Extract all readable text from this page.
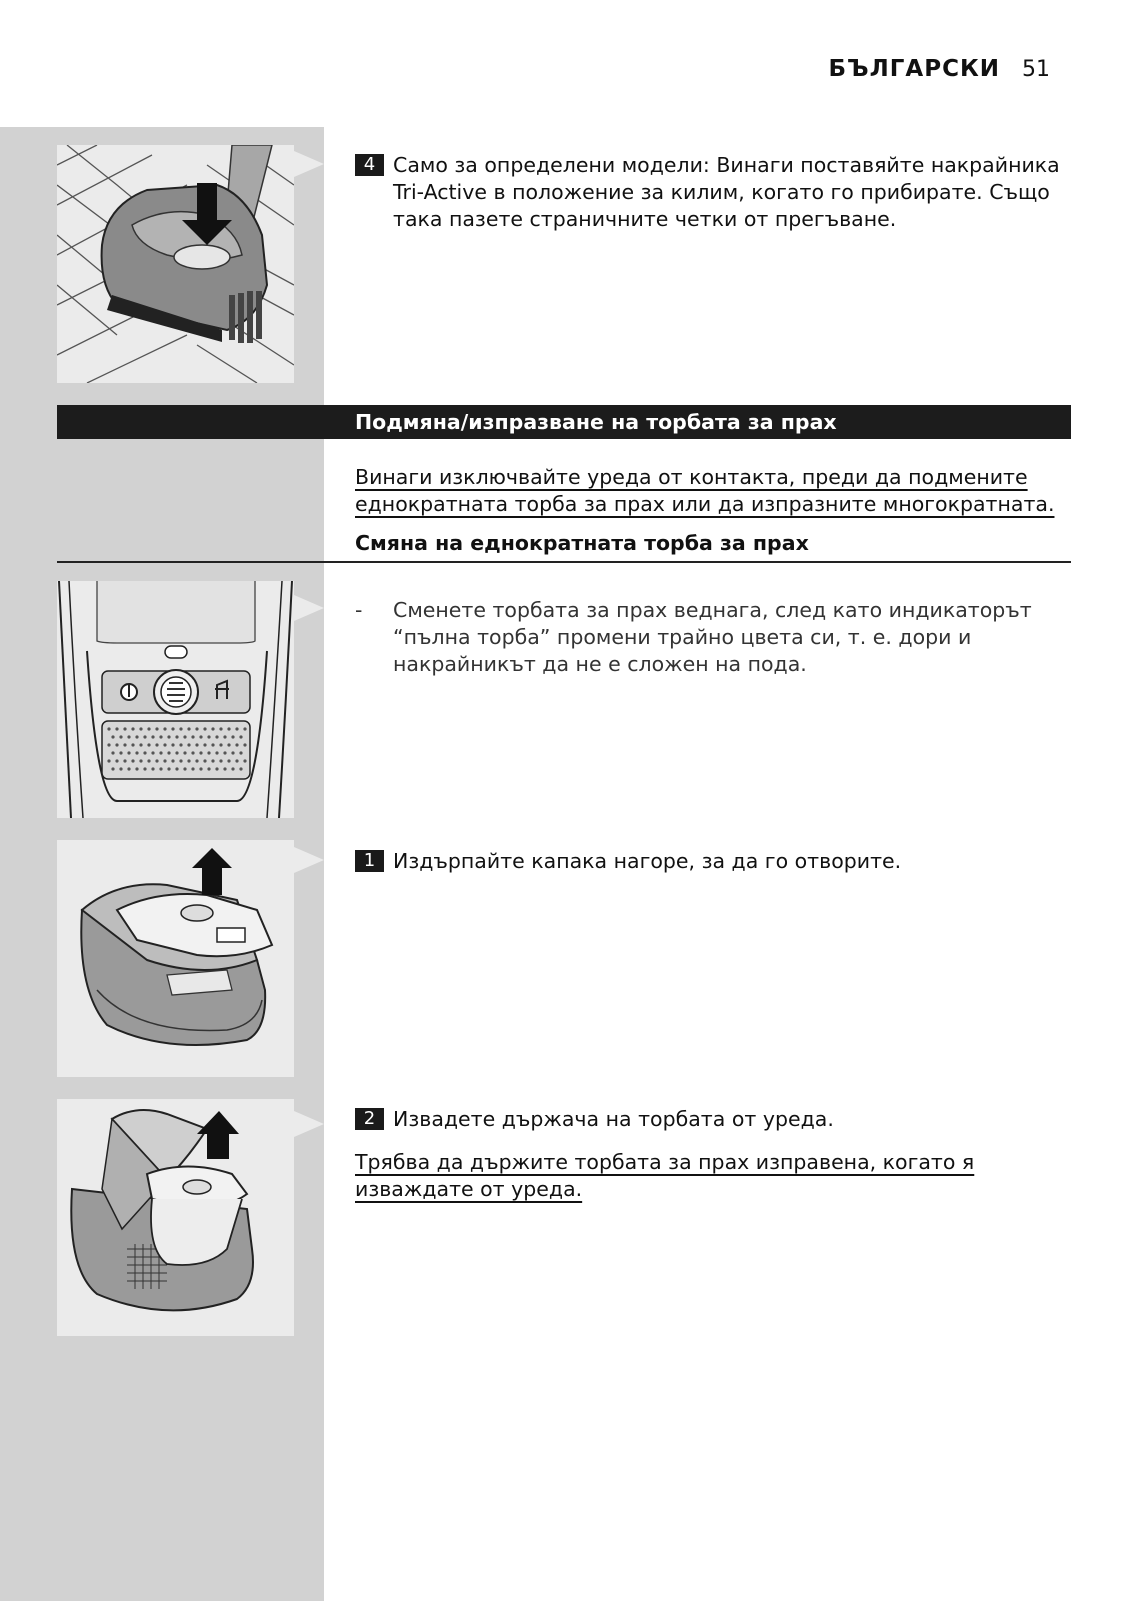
БЪЛГАРСКИ 51
4 Само за определени модели: Винаги поставяйте накрайника Tri-Active в положение за килим, когато го прибирате. Също така пазете страничните четки от прегъване.
Подмяна/изпразване на торбата за прах
Винаги изключвайте уреда от контакта, преди да подмените еднократната торба за прах или да изпразните многократната.
Смяна на еднократната торба за прах
-	Сменете торбата за прах веднага, след като индикаторът “пълна торба” промени трайно цвета си, т. е. дори и накрайникът да не е сложен на пода.
1 Издърпайте капака нагоре, за да го отворите.
2 Извадете държача на торбата от уреда.
Трябва да държите торбата за прах изправена, когато я изваждате от уреда.
